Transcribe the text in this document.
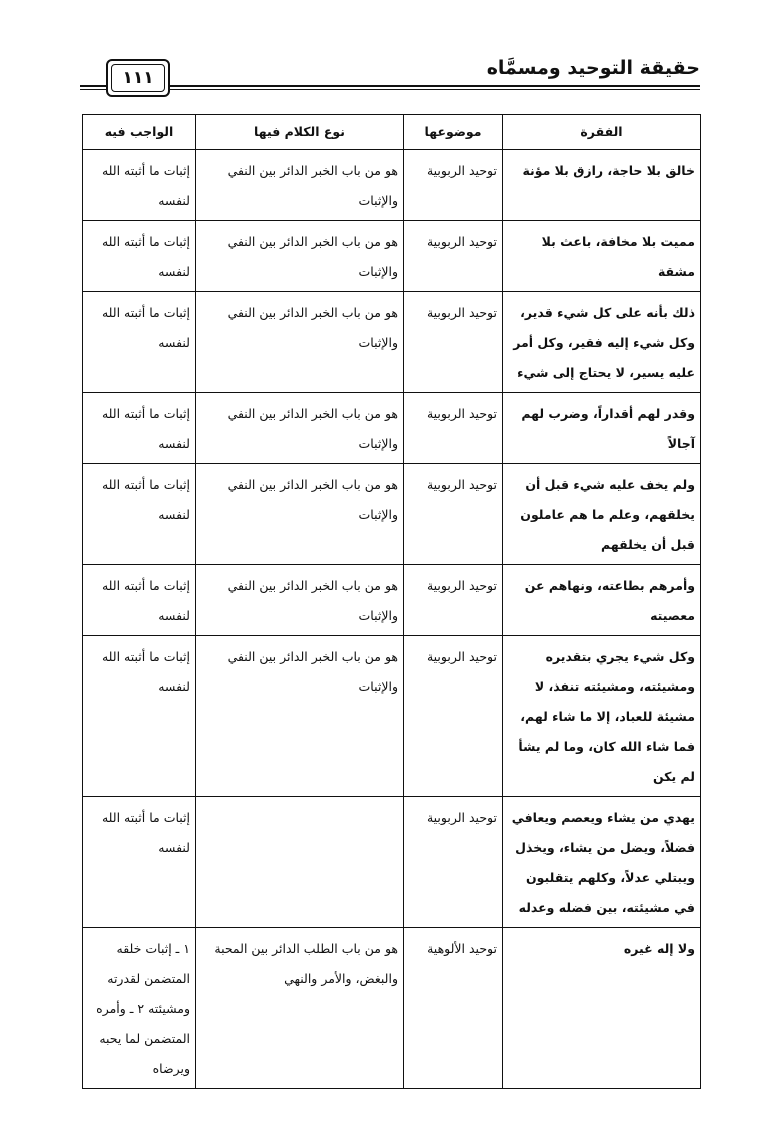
حقيقة التوحيد ومسمَّاه
١١١
الفقرة	موضوعها	نوع الكلام فيها	الواجب فيه
خالق بلا حاجة، رازق بلا مؤنة	توحيد الربوبية	هو من باب الخبر الدائر بين النفي والإثبات	إثبات ما أثبته الله لنفسه
مميت بلا مخافة، باعث بلا مشقة	توحيد الربوبية	هو من باب الخبر الدائر بين النفي والإثبات	إثبات ما أثبته الله لنفسه
ذلك بأنه على كل شيء قدير، وكل شيء إليه فقير، وكل أمر عليه يسير، لا يحتاج إلى شيء	توحيد الربوبية	هو من باب الخبر الدائر بين النفي والإثبات	إثبات ما أثبته الله لنفسه
وقدر لهم أقداراً، وضرب لهم آجالاً	توحيد الربوبية	هو من باب الخبر الدائر بين النفي والإثبات	إثبات ما أثبته الله لنفسه
ولم يخف عليه شيء قبل أن يخلقهم، وعلم ما هم عاملون قبل أن يخلقهم	توحيد الربوبية	هو من باب الخبر الدائر بين النفي والإثبات	إثبات ما أثبته الله لنفسه
وأمرهم بطاعته، ونهاهم عن معصيته	توحيد الربوبية	هو من باب الخبر الدائر بين النفي والإثبات	إثبات ما أثبته الله لنفسه
وكل شيء يجري بتقديره ومشيئته، ومشيئته تنفذ، لا مشيئة للعباد، إلا ما شاء لهم، فما شاء الله كان، وما لم يشأ لم يكن	توحيد الربوبية	هو من باب الخبر الدائر بين النفي والإثبات	إثبات ما أثبته الله لنفسه
يهدي من يشاء ويعصم ويعافي فضلاً، ويضل من يشاء، ويخذل ويبتلي عدلاً، وكلهم يتقلبون في مشيئته، بين فضله وعدله	توحيد الربوبية		إثبات ما أثبته الله لنفسه
ولا إله غيره	توحيد الألوهية	هو من باب الطلب الدائر بين المحبة والبغض، والأمر والنهي	١ ـ إثبات خلقه المتضمن لقدرته ومشيئته ٢ ـ وأمره المتضمن لما يحبه ويرضاه
